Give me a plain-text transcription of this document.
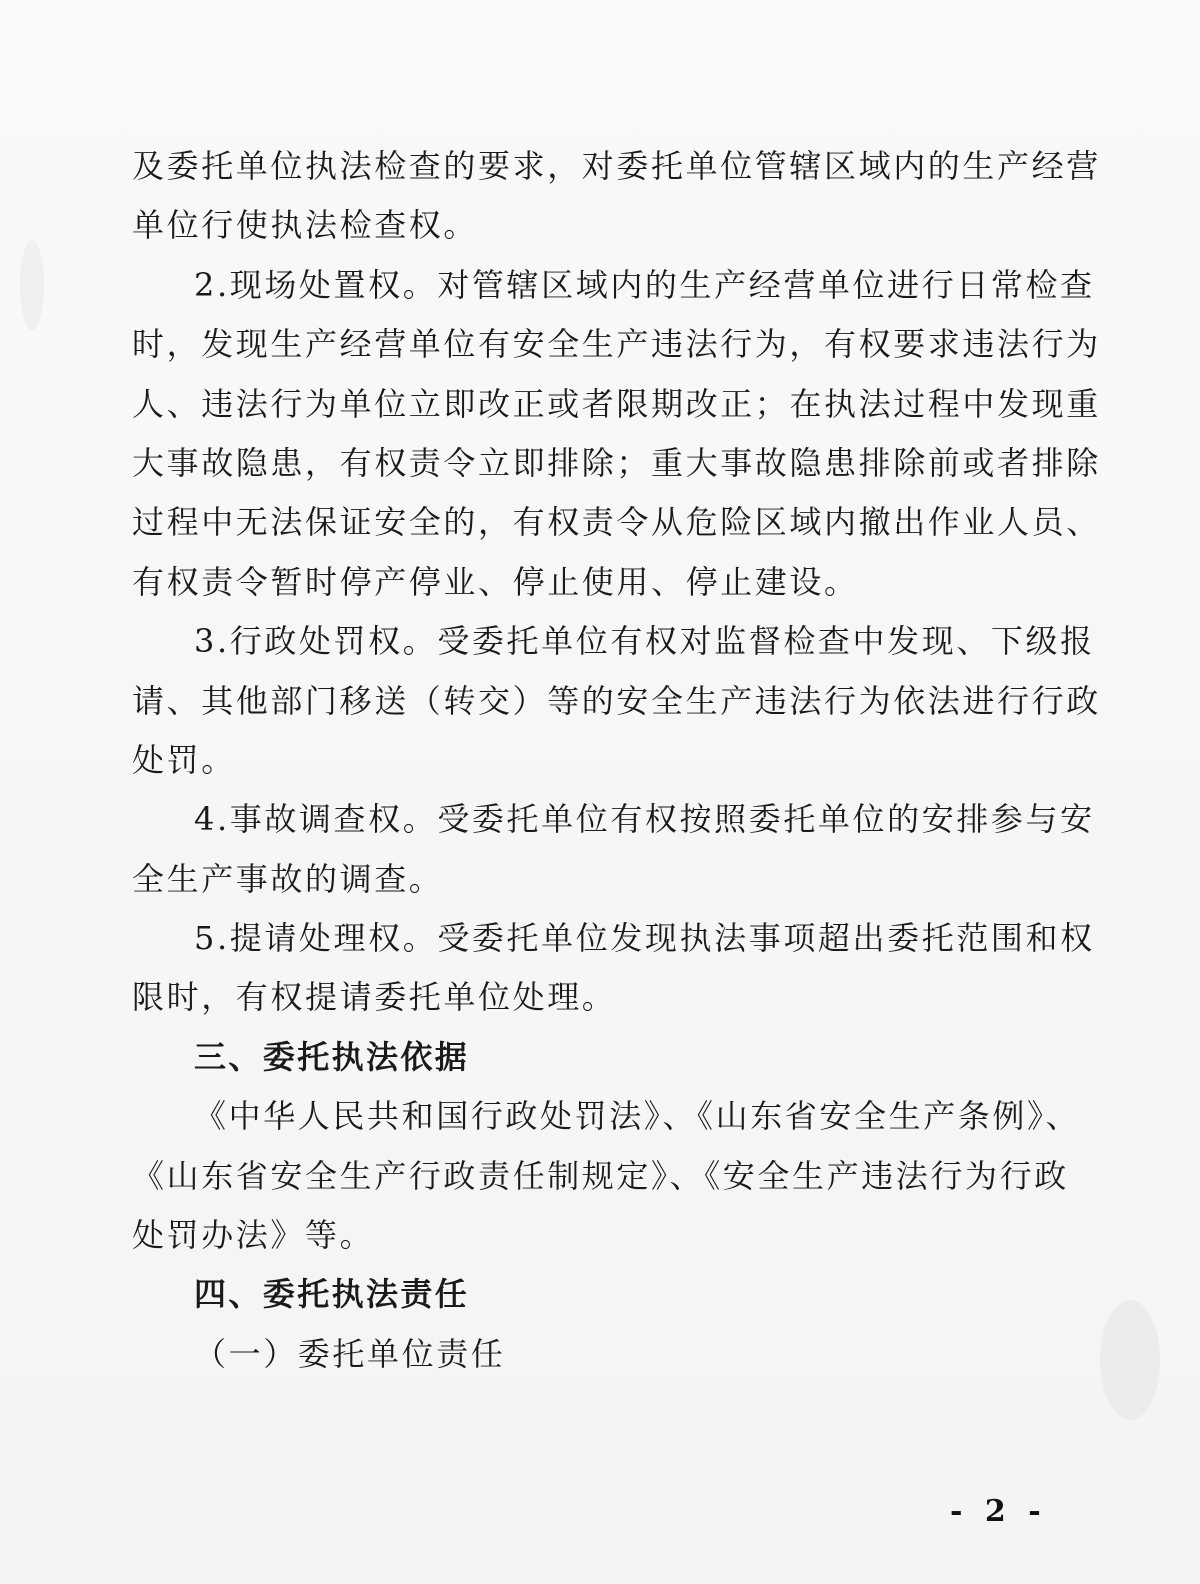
及委托单位执法检查的要求，对委托单位管辖区域内的生产经营
单位行使执法检查权。
2.现场处置权。对管辖区域内的生产经营单位进行日常检查
时，发现生产经营单位有安全生产违法行为，有权要求违法行为
人、违法行为单位立即改正或者限期改正；在执法过程中发现重
大事故隐患，有权责令立即排除；重大事故隐患排除前或者排除
过程中无法保证安全的，有权责令从危险区域内撤出作业人员、
有权责令暂时停产停业、停止使用、停止建设。
3.行政处罚权。受委托单位有权对监督检查中发现、下级报
请、其他部门移送（转交）等的安全生产违法行为依法进行行政
处罚。
4.事故调查权。受委托单位有权按照委托单位的安排参与安
全生产事故的调查。
5.提请处理权。受委托单位发现执法事项超出委托范围和权
限时，有权提请委托单位处理。
三、委托执法依据
《中华人民共和国行政处罚法》、《山东省安全生产条例》、
《山东省安全生产行政责任制规定》、《安全生产违法行为行政
处罚办法》等。
四、委托执法责任
（一）委托单位责任
- 2 -
